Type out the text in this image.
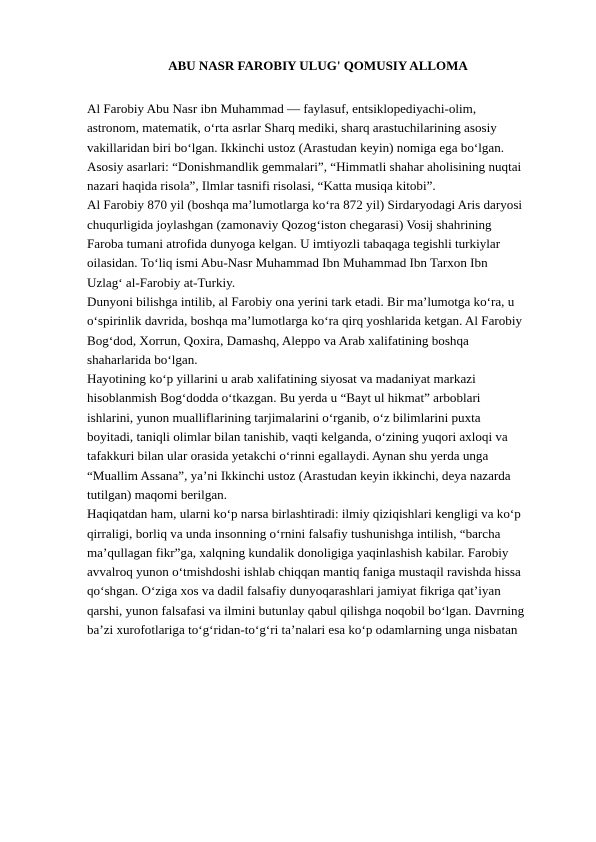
ABU NASR FAROBIY ULUG' QOMUSIY ALLOMA
Al Farobiy Abu Nasr ibn Muhammad — faylasuf, entsiklopediyachi-olim,
astronom, matematik, o‘rta asrlar Sharq mediki, sharq arastuchilarining asosiy
vakillaridan biri bo‘lgan. Ikkinchi ustoz (Arastudan keyin) nomiga ega bo‘lgan.
Asosiy asarlari: “Donishmandlik gemmalari”, “Himmatli shahar aholisining nuqtai
nazari haqida risola”, Ilmlar tasnifi risolasi, “Katta musiqa kitobi”.
Al Farobiy 870 yil (boshqa ma’lumotlarga ko‘ra 872 yil) Sirdaryodagi Aris daryosi
chuqurligida joylashgan (zamonaviy Qozog‘iston chegarasi) Vosij shahrining
Faroba tumani atrofida dunyoga kelgan. U imtiyozli tabaqaga tegishli turkiylar
oilasidan. To‘liq ismi Abu-Nasr Muhammad Ibn Muhammad Ibn Tarxon Ibn
Uzlag‘ al-Farobiy at-Turkiy.
Dunyoni bilishga intilib, al Farobiy ona yerini tark etadi. Bir ma’lumotga ko‘ra, u
o‘spirinlik davrida, boshqa ma’lumotlarga ko‘ra qirq yoshlarida ketgan. Al Farobiy
Bog‘dod, Xorrun, Qoxira, Damashq, Aleppo va Arab xalifatining boshqa
shaharlarida bo‘lgan.
Hayotining ko‘p yillarini u arab xalifatining siyosat va madaniyat markazi
hisoblanmish Bog‘dodda o‘tkazgan. Bu yerda u “Bayt ul hikmat” arboblari
ishlarini, yunon mualliflarining tarjimalarini o‘rganib, o‘z bilimlarini puxta
boyitadi, taniqli olimlar bilan tanishib, vaqti kelganda, o‘zining yuqori axloqi va
tafakkuri bilan ular orasida yetakchi o‘rinni egallaydi. Aynan shu yerda unga
“Muallim Assana”, ya’ni Ikkinchi ustoz (Arastudan keyin ikkinchi, deya nazarda
tutilgan) maqomi berilgan.
Haqiqatdan ham, ularni ko‘p narsa birlashtiradi: ilmiy qiziqishlari kengligi va ko‘p
qirraligi, borliq va unda insonning o‘rnini falsafiy tushunishga intilish, “barcha
ma’qullagan fikr”ga, xalqning kundalik donoligiga yaqinlashish kabilar. Farobiy
avvalroq yunon o‘tmishdoshi ishlab chiqqan mantiq faniga mustaqil ravishda hissa
qo‘shgan. O‘ziga xos va dadil falsafiy dunyoqarashlari jamiyat fikriga qat’iyan
qarshi, yunon falsafasi va ilmini butunlay qabul qilishga noqobil bo‘lgan. Davrning
ba’zi xurofotlariga to‘g‘ridan-to‘g‘ri ta’nalari esa ko‘p odamlarning unga nisbatan
